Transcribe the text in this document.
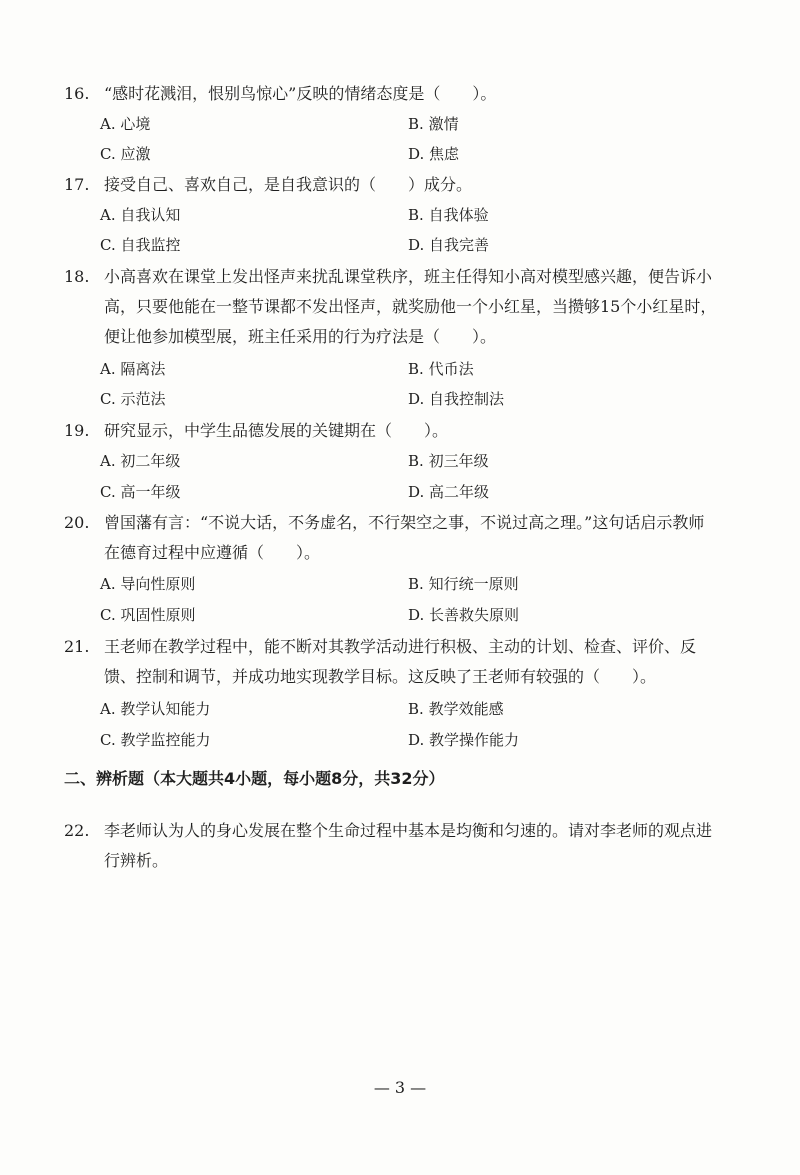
16. “感时花溅泪，恨别鸟惊心”反映的情绪态度是（　　）。
A. 心境	B. 激情
C. 应激	D. 焦虑
17. 接受自己、喜欢自己，是自我意识的（　　）成分。
A. 自我认知	B. 自我体验
C. 自我监控	D. 自我完善
18. 小高喜欢在课堂上发出怪声来扰乱课堂秩序，班主任得知小高对模型感兴趣，便告诉小
高，只要他能在一整节课都不发出怪声，就奖励他一个小红星，当攒够15个小红星时，
便让他参加模型展，班主任采用的行为疗法是（　　）。
A. 隔离法	B. 代币法
C. 示范法	D. 自我控制法
19. 研究显示，中学生品德发展的关键期在（　　）。
A. 初二年级	B. 初三年级
C. 高一年级	D. 高二年级
20. 曾国藩有言：“不说大话，不务虚名，不行架空之事，不说过高之理。”这句话启示教师
在德育过程中应遵循（　　）。
A. 导向性原则	B. 知行统一原则
C. 巩固性原则	D. 长善救失原则
21. 王老师在教学过程中，能不断对其教学活动进行积极、主动的计划、检查、评价、反
馈、控制和调节，并成功地实现教学目标。这反映了王老师有较强的（　　）。
A. 教学认知能力	B. 教学效能感
C. 教学监控能力	D. 教学操作能力
二、辨析题（本大题共4小题，每小题8分，共32分）
22. 李老师认为人的身心发展在整个生命过程中基本是均衡和匀速的。请对李老师的观点进
行辨析。
— 3 —
